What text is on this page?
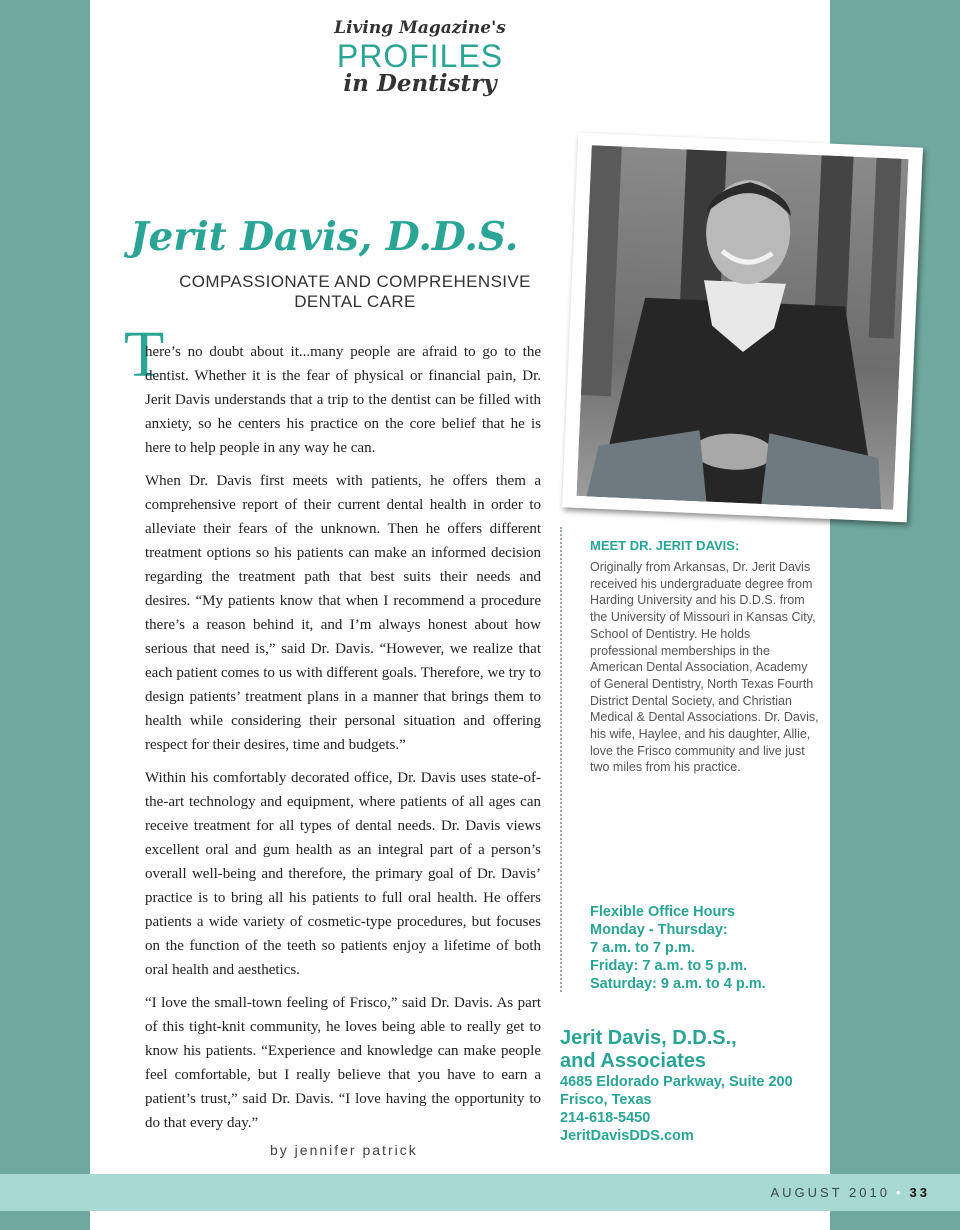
Living Magazine's
PROFILES
in Dentistry
Jerit Davis, D.D.S.
COMPASSIONATE AND COMPREHENSIVE
DENTAL CARE
T

here’s no doubt about it...many people are afraid to go to the dentist. Whether it is the fear of physical or financial pain, Dr. Jerit Davis understands that a trip to the dentist can be filled with anxiety, so he centers his practice on the core belief that he is here to help people in any way he can.

When Dr. Davis first meets with patients, he offers them a comprehensive report of their current dental health in order to alleviate their fears of the unknown. Then he offers different treatment options so his patients can make an informed decision regarding the treatment path that best suits their needs and desires. “My patients know that when I recommend a procedure there’s a reason behind it, and I’m always honest about how serious that need is,” said Dr. Davis. “However, we realize that each patient comes to us with different goals. Therefore, we try to design patients’ treatment plans in a manner that brings them to health while considering their personal situation and offering respect for their desires, time and budgets.”

Within his comfortably decorated office, Dr. Davis uses state-of-the-art technology and equipment, where patients of all ages can receive treatment for all types of dental needs. Dr. Davis views excellent oral and gum health as an integral part of a person’s overall well-being and therefore, the primary goal of Dr. Davis’ practice is to bring all his patients to full oral health. He offers patients a wide variety of cosmetic-type procedures, but focuses on the function of the teeth so patients enjoy a lifetime of both oral health and aesthetics.

“I love the small-town feeling of Frisco,” said Dr. Davis. As part of this tight-knit community, he loves being able to really get to know his patients. “Experience and knowledge can make people feel comfortable, but I really believe that you have to earn a patient’s trust,” said Dr. Davis. “I love having the opportunity to do that every day.”

by jennifer patrick
MEET DR. JERIT DAVIS:
Originally from Arkansas, Dr. Jerit Davis received his undergraduate degree from Harding University and his D.D.S. from the University of Missouri in Kansas City, School of Dentistry. He holds professional memberships in the American Dental Association, Academy of General Dentistry, North Texas Fourth District Dental Society, and Christian Medical & Dental Associations. Dr. Davis, his wife, Haylee, and his daughter, Allie, love the Frisco community and live just two miles from his practice.
Flexible Office Hours
Monday - Thursday:
7 a.m. to 7 p.m.
Friday: 7 a.m. to 5 p.m.
Saturday: 9 a.m. to 4 p.m.
Jerit Davis, D.D.S.,
and Associates
4685 Eldorado Parkway, Suite 200
Frisco, Texas
214-618-5450
JeritDavisDDS.com
AUGUST 2010 • 33
